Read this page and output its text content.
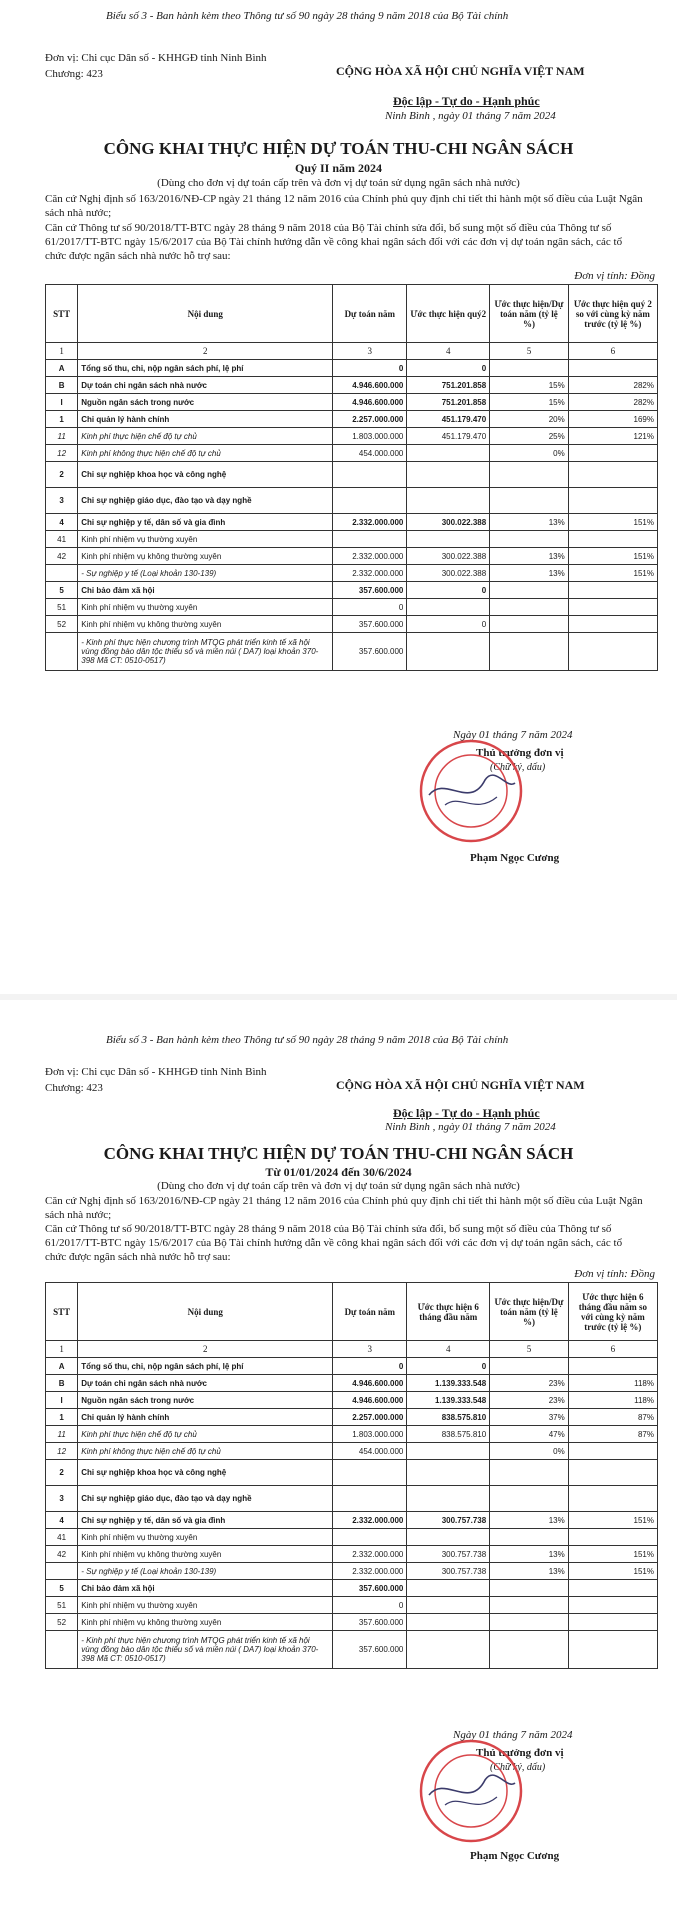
Biểu số 3 - Ban hành kèm theo Thông tư số 90 ngày 28 tháng 9 năm 2018 của Bộ Tài chính
Đơn vị: Chi cục Dân số - KHHGĐ tỉnh Ninh Bình
Chương: 423	CỘNG HÒA XÃ HỘI CHỦ NGHĨA VIỆT NAM
Độc lập - Tự do - Hạnh phúc
Ninh Bình , ngày 01 tháng 7 năm 2024
CÔNG KHAI THỰC HIỆN DỰ TOÁN THU-CHI NGÂN SÁCH
Quý II năm 2024
(Dùng cho đơn vị dự toán cấp trên và đơn vị dự toán sử dụng ngân sách nhà nước)
Căn cứ Nghị định số 163/2016/NĐ-CP ngày 21 tháng 12 năm 2016 của Chính phủ quy định chi tiết thi hành một số điều của Luật Ngân sách nhà nước;
Căn cứ Thông tư số 90/2018/TT-BTC ngày 28 tháng 9 năm 2018 của Bộ Tài chính sửa đổi, bổ sung một số điều của Thông tư số 61/2017/TT-BTC ngày 15/6/2017 của Bộ Tài chính hướng dẫn về công khai ngân sách đối với các đơn vị dự toán ngân sách, các tổ chức được ngân sách nhà nước hỗ trợ sau:
Đơn vị tính: Đồng
STT	Nội dung	Dự toán năm	Ước thực hiện quý2	Ước thực hiện/Dự toán năm (tỷ lệ %)	Ước thực hiện quý 2 so với cùng kỳ năm trước (tỷ lệ %)
1	2	3	4	5	6
A	Tổng số thu, chi, nộp ngân sách phí, lệ phí	0	0		
B	Dự toán chi ngân sách nhà nước	4.946.600.000	751.201.858	15%	282%
I	Nguồn ngân sách trong nước	4.946.600.000	751.201.858	15%	282%
1	Chi quản lý hành chính	2.257.000.000	451.179.470	20%	169%
11	Kinh phí thực hiện chế độ tự chủ	1.803.000.000	451.179.470	25%	121%
12	Kinh phí không thực hiện chế độ tự chủ	454.000.000		0%	
2	Chi sự nghiệp khoa học và công nghệ				
3	Chi sự nghiệp giáo dục, đào tạo và dạy nghề				
4	Chi sự nghiệp y tế, dân số và gia đình	2.332.000.000	300.022.388	13%	151%
41	Kinh phí nhiệm vụ thường xuyên				
42	Kinh phí nhiệm vụ không thường xuyên	2.332.000.000	300.022.388	13%	151%
	- Sự nghiệp y tế (Loại khoản 130-139)	2.332.000.000	300.022.388	13%	151%
5	Chi bảo đảm xã hội	357.600.000	0		
51	Kinh phí nhiệm vụ thường xuyên	0			
52	Kinh phí nhiệm vụ không thường xuyên	357.600.000	0		
	- Kinh phí thực hiện chương trình MTQG phát triển kinh tế xã hội vùng đồng bào dân tộc thiểu số và miền núi ( DA7) loại khoản 370-398 Mã CT: 0510-0517)	357.600.000			
Ngày 01 tháng 7 năm 2024
Thủ trưởng đơn vị
(Chữ ký, dấu)
Phạm Ngọc Cương
Biểu số 3 - Ban hành kèm theo Thông tư số 90 ngày 28 tháng 9 năm 2018 của Bộ Tài chính
Đơn vị: Chi cục Dân số - KHHGĐ tỉnh Ninh Bình
Chương: 423	CỘNG HÒA XÃ HỘI CHỦ NGHĨA VIỆT NAM
Độc lập - Tự do - Hạnh phúc
Ninh Bình , ngày 01 tháng 7 năm 2024
CÔNG KHAI THỰC HIỆN DỰ TOÁN THU-CHI NGÂN SÁCH
Từ 01/01/2024 đến 30/6/2024
(Dùng cho đơn vị dự toán cấp trên và đơn vị dự toán sử dụng ngân sách nhà nước)
Căn cứ Nghị định số 163/2016/NĐ-CP ngày 21 tháng 12 năm 2016 của Chính phủ quy định chi tiết thi hành một số điều của Luật Ngân sách nhà nước;
Căn cứ Thông tư số 90/2018/TT-BTC ngày 28 tháng 9 năm 2018 của Bộ Tài chính sửa đổi, bổ sung một số điều của Thông tư số 61/2017/TT-BTC ngày 15/6/2017 của Bộ Tài chính hướng dẫn về công khai ngân sách đối với các đơn vị dự toán ngân sách, các tổ chức được ngân sách nhà nước hỗ trợ sau:
Đơn vị tính: Đồng
STT	Nội dung	Dự toán năm	Ước thực hiện 6 tháng đầu năm	Ước thực hiện/Dự toán năm (tỷ lệ %)	Ước thực hiện 6 tháng đầu năm so với cùng kỳ năm trước (tỷ lệ %)
1	2	3	4	5	6
A	Tổng số thu, chi, nộp ngân sách phí, lệ phí	0	0		
B	Dự toán chi ngân sách nhà nước	4.946.600.000	1.139.333.548	23%	118%
I	Nguồn ngân sách trong nước	4.946.600.000	1.139.333.548	23%	118%
1	Chi quản lý hành chính	2.257.000.000	838.575.810	37%	87%
11	Kinh phí thực hiện chế độ tự chủ	1.803.000.000	838.575.810	47%	87%
12	Kinh phí không thực hiện chế độ tự chủ	454.000.000		0%	
2	Chi sự nghiệp khoa học và công nghệ				
3	Chi sự nghiệp giáo dục, đào tạo và dạy nghề				
4	Chi sự nghiệp y tế, dân số và gia đình	2.332.000.000	300.757.738	13%	151%
41	Kinh phí nhiệm vụ thường xuyên				
42	Kinh phí nhiệm vụ không thường xuyên	2.332.000.000	300.757.738	13%	151%
	- Sự nghiệp y tế (Loại khoản 130-139)	2.332.000.000	300.757.738	13%	151%
5	Chi bảo đảm xã hội	357.600.000			
51	Kinh phí nhiệm vụ thường xuyên	0			
52	Kinh phí nhiệm vụ không thường xuyên	357.600.000			
	- Kinh phí thực hiện chương trình MTQG phát triển kinh tế xã hội vùng đồng bào dân tộc thiểu số và miền núi ( DA7) loại khoản 370-398 Mã CT: 0510-0517)	357.600.000			
Ngày 01 tháng 7 năm 2024
Thủ trưởng đơn vị
(Chữ ký, dấu)
Phạm Ngọc Cương
